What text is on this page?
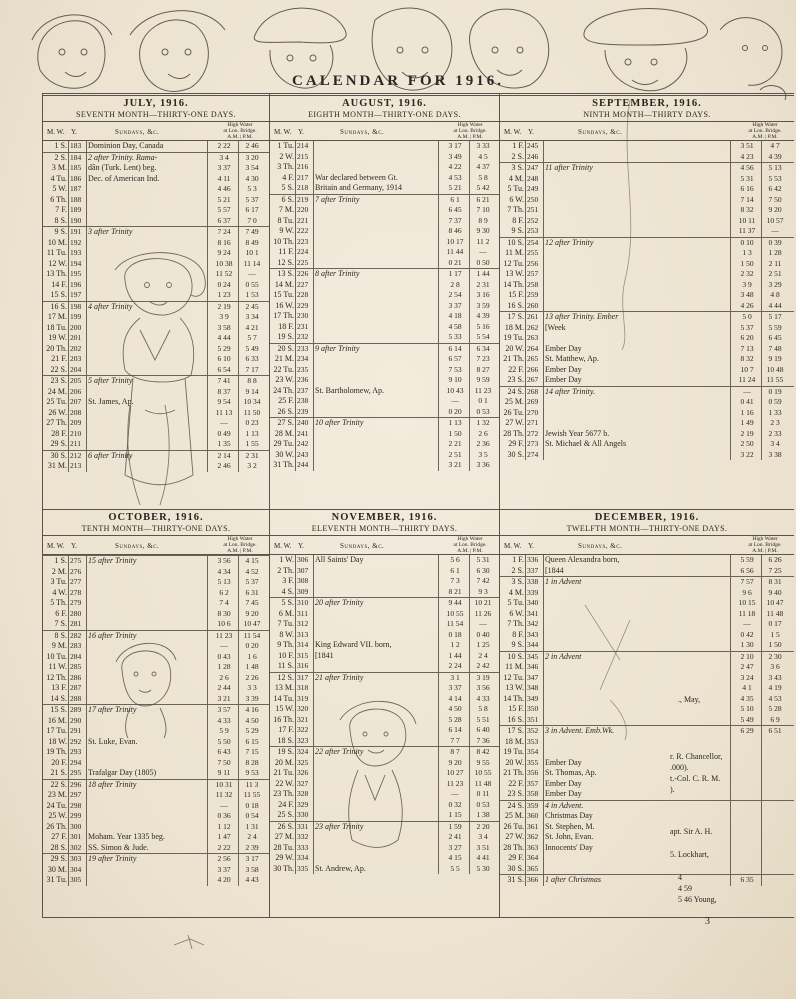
CALENDAR FOR 1916.
JULY, 1916.
SEVENTH MONTH—THIRTY-ONE DAYS.
M. W. Y.	Sundays, &c.
High Water
at Lon. Bridge.
A.M. | P.M.
1 S. 183 Dominion Day, Canada	2 22	2 46
2 S. 184 2 after Trinity. Rama-	3 4	3 20
3 M. 185 dân (Turk. Lent) beg.	3 37	3 54
4 Tu. 186 Dec. of American Ind.	4 11	4 30
5 W. 187	4 46	5 3
6 Th. 188	5 21	5 37
7 F. 189	5 57	6 17
8 S. 190	6 37	7 0
9 S. 191 3 after Trinity	7 24	7 49
10 M. 192	8 16	8 49
11 Tu. 193	9 24	10 1
12 W. 194	10 38	11 14
13 Th. 195	11 52	—
14 F. 196	0 24	0 55
15 S. 197	1 23	1 53
16 S. 198 4 after Trinity	2 19	2 45
17 M. 199	3 9	3 34
18 Tu. 200	3 58	4 21
19 W. 201	4 44	5 7
20 Th. 202	5 29	5 49
21 F. 203	6 10	6 33
22 S. 204	6 54	7 17
23 S. 205 5 after Trinity	7 41	8 8
24 M. 206	8 37	9 14
25 Tu. 207 St. James, Ap.	9 54	10 34
26 W. 208	11 13	11 50
27 Th. 209	—	0 23
28 F. 210	0 49	1 13
29 S. 211	1 35	1 55
30 S. 212 6 after Trinity	2 14	2 31
31 M. 213	2 46	3 2
AUGUST, 1916.
EIGHTH MONTH—THIRTY-ONE DAYS.
M. W. Y.	Sundays, &c.
High Water
at Lon. Bridge.
A.M. | P.M.
1 Tu. 214	3 17	3 33
2 W. 215	3 49	4 5
3 Th. 216	4 22	4 37
4 F. 217 War declared between Gt.	4 53	5 8
5 S. 218 Britain and Germany, 1914	5 21	5 42
6 S. 219 7 after Trinity	6 1	6 21
7 M. 220	6 45	7 10
8 Tu. 221	7 37	8 9
9 W. 222	8 46	9 30
10 Th. 223	10 17	11 2
11 F. 224	11 44	—
12 S. 225	0 21	0 50
13 S. 226 8 after Trinity	1 17	1 44
14 M. 227	2 8	2 31
15 Tu. 228	2 54	3 16
16 W. 229	3 37	3 59
17 Th. 230	4 18	4 39
18 F. 231	4 58	5 16
19 S. 232	5 33	5 54
20 S. 233 9 after Trinity	6 14	6 34
21 M. 234	6 57	7 23
22 Tu. 235	7 53	8 27
23 W. 236	9 10	9 59
24 Th. 237 St. Bartholomew, Ap.	10 43	11 23
25 F. 238	—	0 1
26 S. 239	0 20	0 53
27 S. 240 10 after Trinity	1 13	1 32
28 M. 241	1 50	2 6
29 Tu. 242	2 21	2 36
30 W. 243	2 51	3 5
31 Th. 244	3 21	3 36
SEPTEMBER, 1916.
NINTH MONTH—THIRTY DAYS.
M. W. Y.	Sundays, &c.
High Water
at Lon. Bridge.
A.M. | P.M.
1 F. 245	3 51	4 7
2 S. 246	4 23	4 39
3 S. 247 11 after Trinity	4 56	5 13
4 M. 248	5 31	5 53
5 Tu. 249	6 16	6 42
6 W. 250	7 14	7 50
7 Th. 251	8 32	9 20
8 F. 252	10 11	10 57
9 S. 253	11 37	—
10 S. 254 12 after Trinity	0 10	0 39
11 M. 255	1 3	1 28
12 Tu. 256	1 50	2 11
13 W. 257	2 32	2 51
14 Th. 258	3 9	3 29
15 F. 259	3 48	4 8
16 S. 260	4 26	4 44
17 S. 261 13 after Trinity. Ember	5 0	5 17
18 M. 262 [Week	5 37	5 59
19 Tu. 263	6 20	6 45
20 W. 264 Ember Day	7 13	7 48
21 Th. 265 St. Matthew, Ap.	8 32	9 19
22 F. 266 Ember Day	10 7	10 48
23 S. 267 Ember Day	11 24	11 55
24 S. 268 14 after Trinity.	—	0 19
25 M. 269	0 41	0 59
26 Tu. 270	1 16	1 33
27 W. 271	1 49	2 3
28 Th. 272 Jewish Year 5677 b.	2 19	2 33
29 F. 273 St. Michael & All Angels	2 50	3 4
30 S. 274	3 22	3 38
OCTOBER, 1916.
TENTH MONTH—THIRTY-ONE DAYS.
M. W. Y.	Sundays, &c.
High Water
at Lon. Bridge.
A.M. | P.M.
1 S. 275 15 after Trinity	3 56	4 15
2 M. 276	4 34	4 52
3 Tu. 277	5 13	5 37
4 W. 278	6 2	6 31
5 Th. 279	7 4	7 45
6 F. 280	8 30	9 20
7 S. 281	10 6	10 47
8 S. 282 16 after Trinity	11 23	11 54
9 M. 283	—	0 20
10 Tu. 284	0 43	1 6
11 W. 285	1 28	1 48
12 Th. 286	2 6	2 26
13 F. 287	2 44	3 3
14 S. 288	3 21	3 39
15 S. 289 17 after Trinity	3 57	4 16
16 M. 290	4 33	4 50
17 Tu. 291	5 9	5 29
18 W. 292 St. Luke, Evan.	5 50	6 15
19 Th. 293	6 43	7 15
20 F. 294	7 50	8 28
21 S. 295 Trafalgar Day (1805)	9 11	9 53
22 S. 296 18 after Trinity	10 31	11 3
23 M. 297	11 32	11 55
24 Tu. 298	—	0 18
25 W. 299	0 36	0 54
26 Th. 300	1 12	1 31
27 F. 301 Moham. Year 1335 beg.	1 47	2 4
28 S. 302 SS. Simon & Jude.	2 22	2 39
29 S. 303 19 after Trinity	2 56	3 17
30 M. 304	3 37	3 58
31 Tu. 305	4 20	4 43
NOVEMBER, 1916.
ELEVENTH MONTH—THIRTY DAYS.
M. W. Y.	Sundays, &c.
High Water
at Lon. Bridge.
A.M. | P.M.
1 W. 306 All Saints' Day	5 6	5 31
2 Th. 307	6 1	6 30
3 F. 308	7 3	7 42
4 S. 309	8 21	9 3
5 S. 310 20 after Trinity	9 44	10 21
6 M. 311	10 55	11 26
7 Tu. 312	11 54	—
8 W. 313	0 18	0 40
9 Th. 314 King Edward VII. born,	1 2	1 25
10 F. 315 [1841	1 44	2 4
11 S. 316	2 24	2 42
12 S. 317 21 after Trinity	3 1	3 19
13 M. 318	3 37	3 56
14 Tu. 319	4 14	4 33
15 W. 320	4 50	5 8
16 Th. 321	5 28	5 51
17 F. 322	6 14	6 40
18 S. 323	7 7	7 36
19 S. 324 22 after Trinity	8 7	8 42
20 M. 325	9 20	9 55
21 Tu. 326	10 27	10 55
22 W. 327	11 23	11 48
23 Th. 328	—	0 11
24 F. 329	0 32	0 53
25 S. 330	1 15	1 38
26 S. 331 23 after Trinity	1 59	2 20
27 M. 332	2 41	3 4
28 Tu. 333	3 27	3 51
29 W. 334	4 15	4 41
30 Th. 335 St. Andrew, Ap.	5 5	5 30
DECEMBER, 1916.
TWELFTH MONTH—THIRTY-ONE DAYS.
M. W. Y.	Sundays, &c.
High Water
at Lon. Bridge.
A.M. | P.M.
1 F. 336 Queen Alexandra born,	5 59	6 26
2 S. 337 [1844	6 56	7 25
3 S. 338 1 in Advent	7 57	8 31
4 M. 339	9 6	9 40
5 Tu. 340	10 15	10 47
6 W. 341	11 18	11 48
7 Th. 342	—	0 17
8 F. 343	0 42	1 5
9 S. 344	1 30	1 50
10 S. 345 2 in Advent	2 10	2 30
11 M. 346	2 47	3 6
12 Tu. 347	3 24	3 43
13 W. 348	4 1	4 19
14 Th. 349	4 35	4 53
15 F. 350	5 10	5 28
16 S. 351	5 49	6 9
17 S. 352 3 in Advent. Emb.Wk.	6 29	6 51
18 M. 353
19 Tu. 354
20 W. 355 Ember Day
21 Th. 356 St. Thomas, Ap.
22 F. 357 Ember Day
23 S. 358 Ember Day
24 S. 359 4 in Advent.
25 M. 360 Christmas Day
26 Tu. 361 St. Stephen, M.
27 W. 362 St. John, Evan.
28 Th. 363 Innocents' Day
29 F. 364
30 S. 365
31 S. 366 1 after Christmas	6 35
., May,
r. R. Chancellor,
.000).
t.-Col. C. R. M.
).
apt. Sir A. H.
5. Lockhart,
4
4 59
5 46 Young,
3
